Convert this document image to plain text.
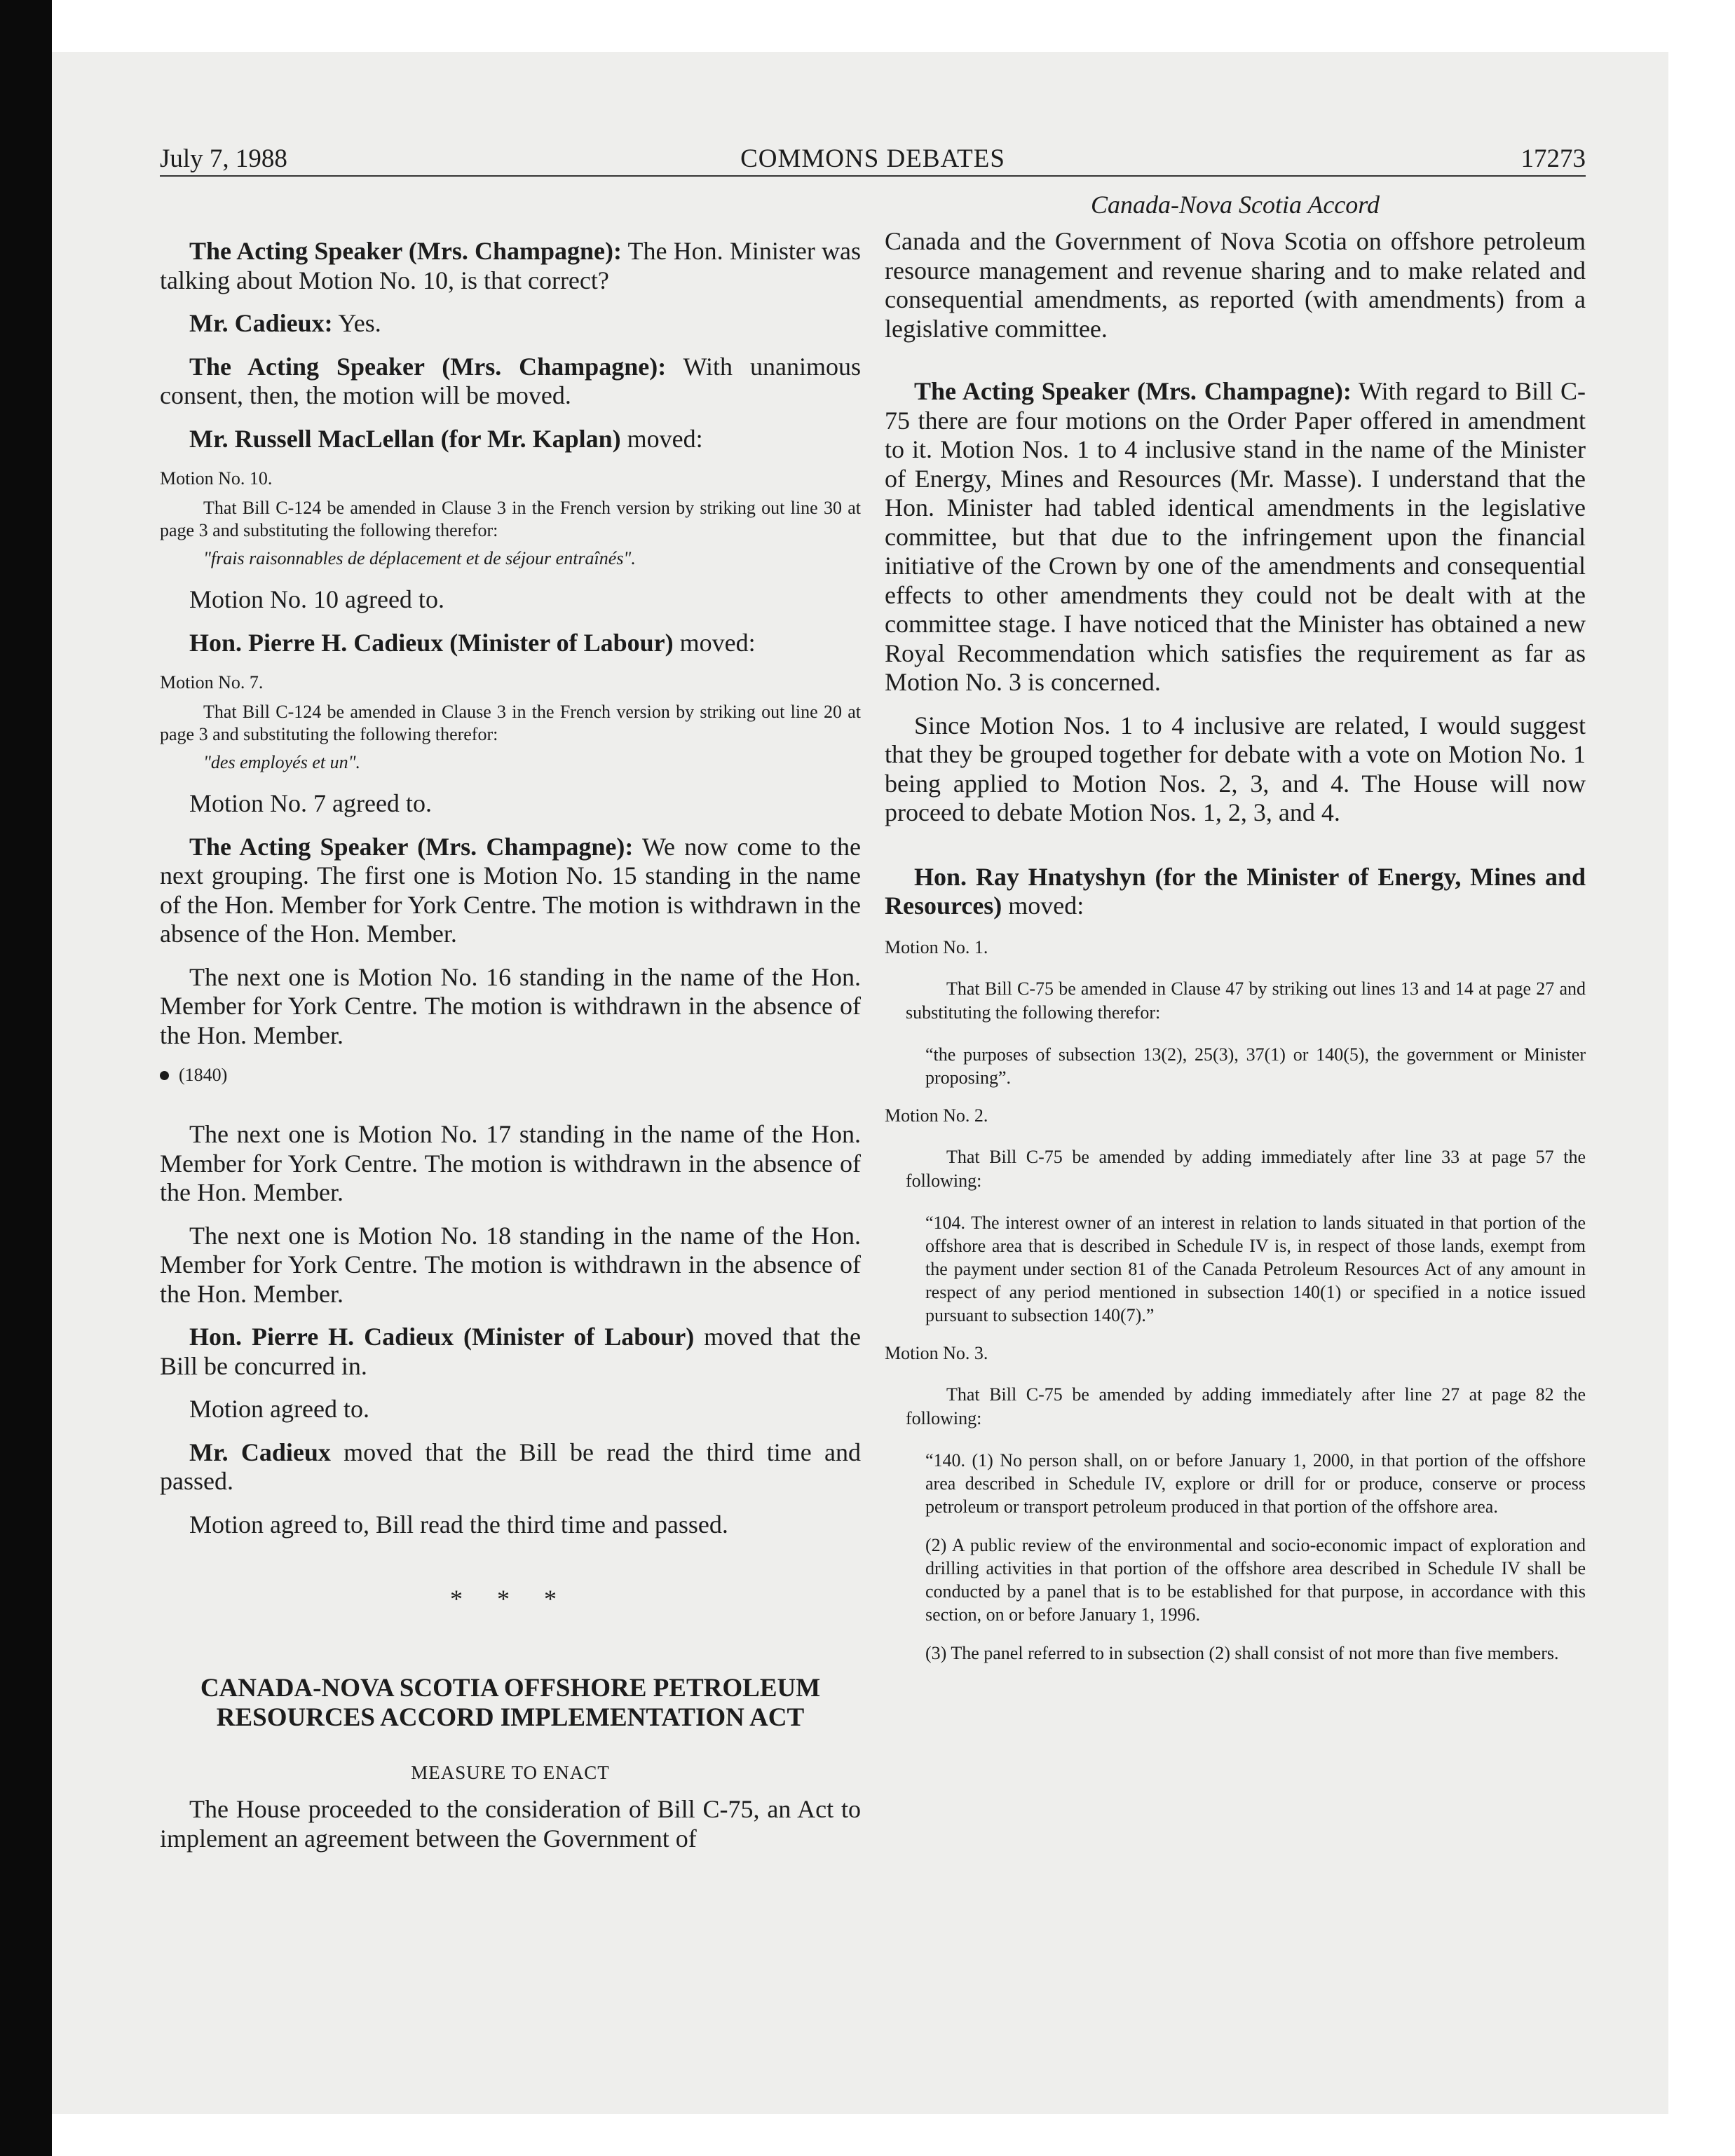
July 7, 1988	COMMONS DEBATES	17273

The Acting Speaker (Mrs. Champagne): The Hon. Minister was talking about Motion No. 10, is that correct?

Mr. Cadieux: Yes.

The Acting Speaker (Mrs. Champagne): With unanimous consent, then, the motion will be moved.

Mr. Russell MacLellan (for Mr. Kaplan) moved:

Motion No. 10.

That Bill C-124 be amended in Clause 3 in the French version by striking out line 30 at page 3 and substituting the following therefor:

"frais raisonnables de déplacement et de séjour entraînés".

Motion No. 10 agreed to.

Hon. Pierre H. Cadieux (Minister of Labour) moved:

Motion No. 7.

That Bill C-124 be amended in Clause 3 in the French version by striking out line 20 at page 3 and substituting the following therefor:

"des employés et un".

Motion No. 7 agreed to.

The Acting Speaker (Mrs. Champagne): We now come to the next grouping. The first one is Motion No. 15 standing in the name of the Hon. Member for York Centre. The motion is withdrawn in the absence of the Hon. Member.

The next one is Motion No. 16 standing in the name of the Hon. Member for York Centre. The motion is withdrawn in the absence of the Hon. Member.

(1840)

The next one is Motion No. 17 standing in the name of the Hon. Member for York Centre. The motion is withdrawn in the absence of the Hon. Member.

The next one is Motion No. 18 standing in the name of the Hon. Member for York Centre. The motion is withdrawn in the absence of the Hon. Member.

Hon. Pierre H. Cadieux (Minister of Labour) moved that the Bill be concurred in.

Motion agreed to.

Mr. Cadieux moved that the Bill be read the third time and passed.

Motion agreed to, Bill read the third time and passed.

* * *
CANADA-NOVA SCOTIA OFFSHORE PETROLEUM RESOURCES ACCORD IMPLEMENTATION ACT
MEASURE TO ENACT

The House proceeded to the consideration of Bill C-75, an Act to implement an agreement between the Government of

Canada-Nova Scotia Accord

Canada and the Government of Nova Scotia on offshore petroleum resource management and revenue sharing and to make related and consequential amendments, as reported (with amendments) from a legislative committee.

The Acting Speaker (Mrs. Champagne): With regard to Bill C-75 there are four motions on the Order Paper offered in amendment to it. Motion Nos. 1 to 4 inclusive stand in the name of the Minister of Energy, Mines and Resources (Mr. Masse). I understand that the Hon. Minister had tabled identical amendments in the legislative committee, but that due to the infringement upon the financial initiative of the Crown by one of the amendments and consequential effects to other amendments they could not be dealt with at the committee stage. I have noticed that the Minister has obtained a new Royal Recommendation which satisfies the requirement as far as Motion No. 3 is concerned.

Since Motion Nos. 1 to 4 inclusive are related, I would suggest that they be grouped together for debate with a vote on Motion No. 1 being applied to Motion Nos. 2, 3, and 4. The House will now proceed to debate Motion Nos. 1, 2, 3, and 4.

Hon. Ray Hnatyshyn (for the Minister of Energy, Mines and Resources) moved:

Motion No. 1.

That Bill C-75 be amended in Clause 47 by striking out lines 13 and 14 at page 27 and substituting the following therefor:

“the purposes of subsection 13(2), 25(3), 37(1) or 140(5), the government or Minister proposing”.

Motion No. 2.

That Bill C-75 be amended by adding immediately after line 33 at page 57 the following:

“104. The interest owner of an interest in relation to lands situated in that portion of the offshore area that is described in Schedule IV is, in respect of those lands, exempt from the payment under section 81 of the Canada Petroleum Resources Act of any amount in respect of any period mentioned in subsection 140(1) or specified in a notice issued pursuant to subsection 140(7).”

Motion No. 3.

That Bill C-75 be amended by adding immediately after line 27 at page 82 the following:

“140. (1) No person shall, on or before January 1, 2000, in that portion of the offshore area described in Schedule IV, explore or drill for or produce, conserve or process petroleum or transport petroleum produced in that portion of the offshore area.

(2) A public review of the environmental and socio-economic impact of exploration and drilling activities in that portion of the offshore area described in Schedule IV shall be conducted by a panel that is to be established for that purpose, in accordance with this section, on or before January 1, 1996.

(3) The panel referred to in subsection (2) shall consist of not more than five members.
